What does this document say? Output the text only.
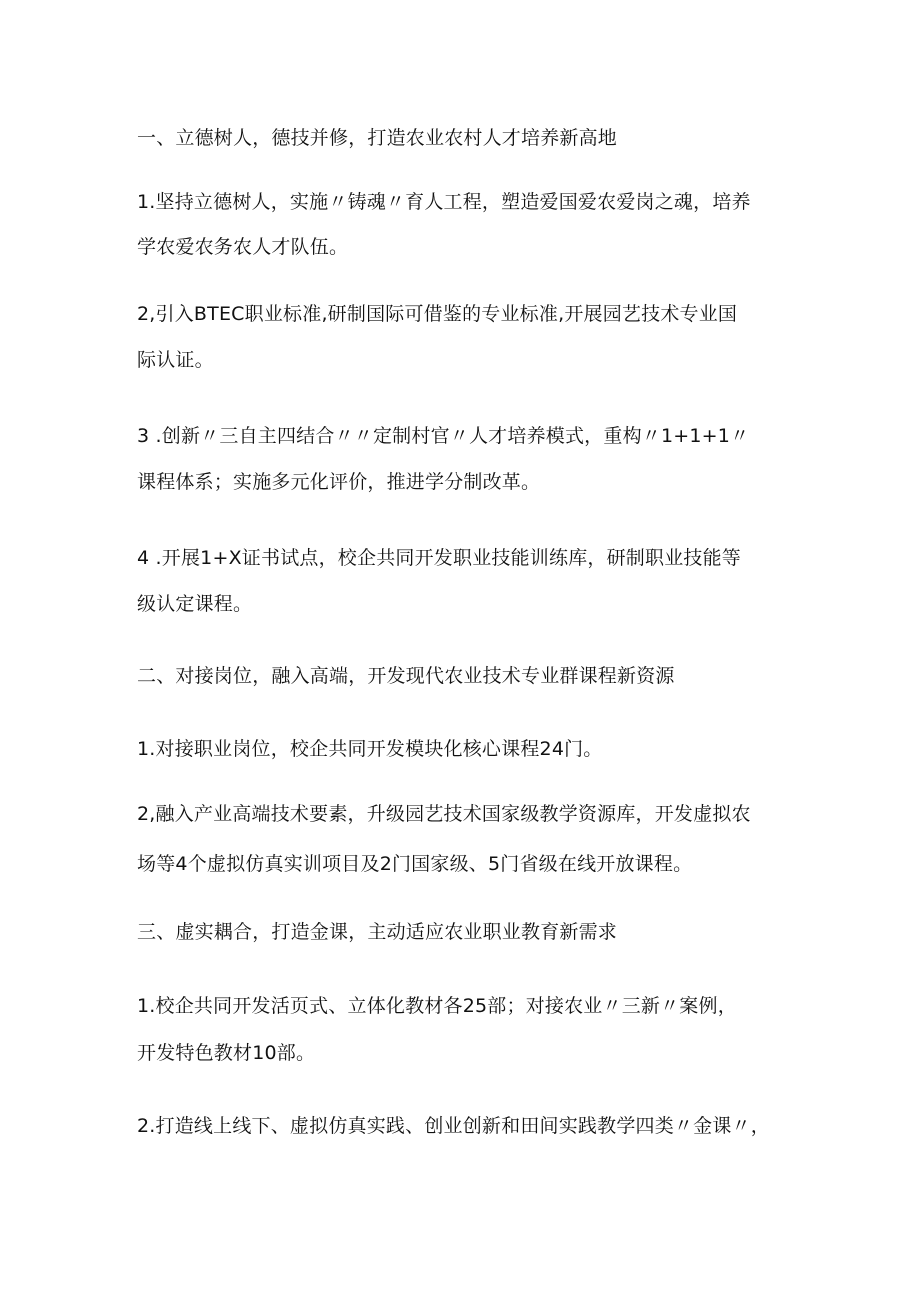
一、立德树人，德技并修，打造农业农村人才培养新高地
1.坚持立德树人，实施〃铸魂〃育人工程，塑造爱国爱农爱岗之魂，培养
学农爱农务农人才队伍。
2,引入BTEC职业标准,研制国际可借鉴的专业标准,开展园艺技术专业国
际认证。
3 .创新〃三自主四结合〃〃定制村官〃人才培养模式，重构〃1+1+1〃
课程体系；实施多元化评价，推进学分制改革。
4 .开展1+X证书试点，校企共同开发职业技能训练库，研制职业技能等
级认定课程。
二、对接岗位，融入高端，开发现代农业技术专业群课程新资源
1.对接职业岗位，校企共同开发模块化核心课程24门。
2,融入产业高端技术要素，升级园艺技术国家级教学资源库，开发虚拟农
场等4个虚拟仿真实训项目及2门国家级、5门省级在线开放课程。
三、虚实耦合，打造金课，主动适应农业职业教育新需求
1.校企共同开发活页式、立体化教材各25部；对接农业〃三新〃案例，
开发特色教材10部。
2.打造线上线下、虚拟仿真实践、创业创新和田间实践教学四类〃金课〃，
